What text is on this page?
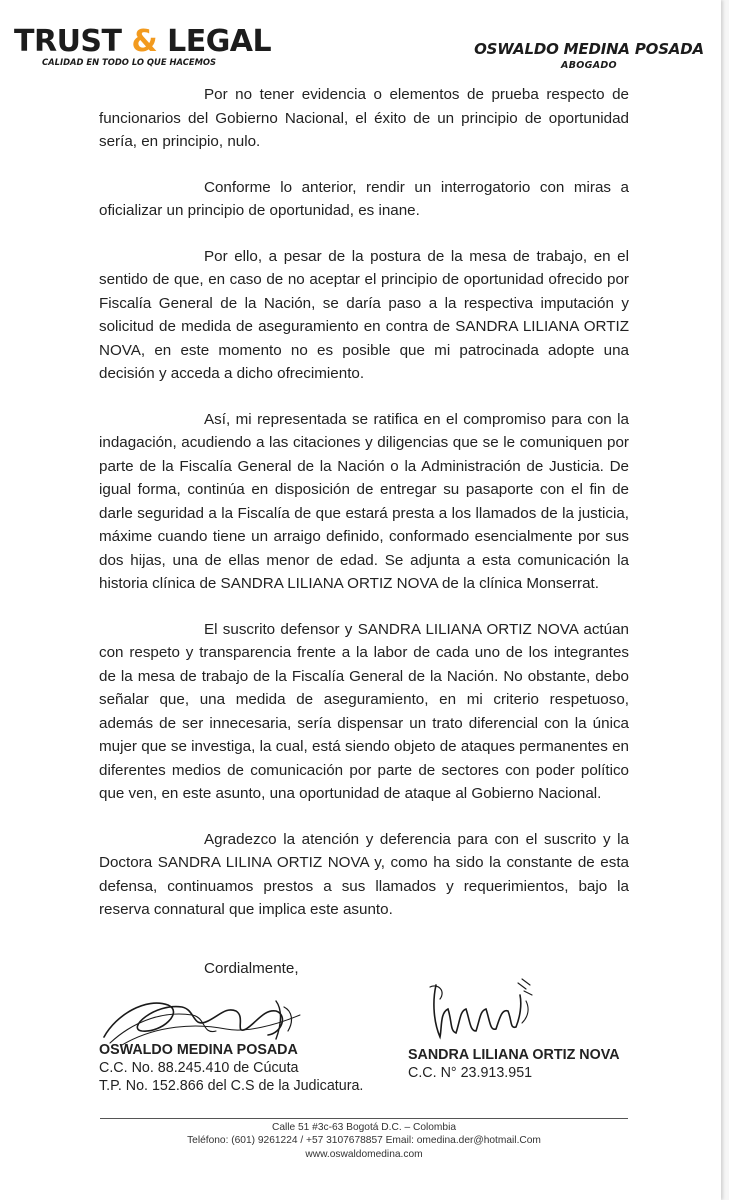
TRUST & LEGAL
CALIDAD EN TODO LO QUE HACEMOS
OSWALDO MEDINA POSADA
ABOGADO

Por no tener evidencia o elementos de prueba respecto de funcionarios del Gobierno Nacional, el éxito de un principio de oportunidad sería, en principio, nulo.

Conforme lo anterior, rendir un interrogatorio con miras a oficializar un principio de oportunidad, es inane.

Por ello, a pesar de la postura de la mesa de trabajo, en el sentido de que, en caso de no aceptar el principio de oportunidad ofrecido por Fiscalía General de la Nación, se daría paso a la respectiva imputación y solicitud de medida de aseguramiento en contra de SANDRA LILIANA ORTIZ NOVA, en este momento no es posible que mi patrocinada adopte una decisión y acceda a dicho ofrecimiento.

Así, mi representada se ratifica en el compromiso para con la indagación, acudiendo a las citaciones y diligencias que se le comuniquen por parte de la Fiscalía General de la Nación o la Administración de Justicia. De igual forma, continúa en disposición de entregar su pasaporte con el fin de darle seguridad a la Fiscalía de que estará presta a los llamados de la justicia, máxime cuando tiene un arraigo definido, conformado esencialmente por sus dos hijas, una de ellas menor de edad. Se adjunta a esta comunicación la historia clínica de SANDRA LILIANA ORTIZ NOVA de la clínica Monserrat.

El suscrito defensor y SANDRA LILIANA ORTIZ NOVA actúan con respeto y transparencia frente a la labor de cada uno de los integrantes de la mesa de trabajo de la Fiscalía General de la Nación. No obstante, debo señalar que, una medida de aseguramiento, en mi criterio respetuoso, además de ser innecesaria, sería dispensar un trato diferencial con la única mujer que se investiga, la cual, está siendo objeto de ataques permanentes en diferentes medios de comunicación por parte de sectores con poder político que ven, en este asunto, una oportunidad de ataque al Gobierno Nacional.

Agradezco la atención y deferencia para con el suscrito y la Doctora SANDRA LILINA ORTIZ NOVA y, como ha sido la constante de esta defensa, continuamos prestos a sus llamados y requerimientos, bajo la reserva connatural que implica este asunto.

Cordialmente,
OSWALDO MEDINA POSADA
C.C. No. 88.245.410 de Cúcuta
T.P. No. 152.866 del C.S de la Judicatura.
SANDRA LILIANA ORTIZ NOVA
C.C. N° 23.913.951
Calle 51 #3c-63 Bogotá D.C. – Colombia
Teléfono: (601) 9261224 / +57 3107678857 Email: omedina.der@hotmail.Com
www.oswaldomedina.com
